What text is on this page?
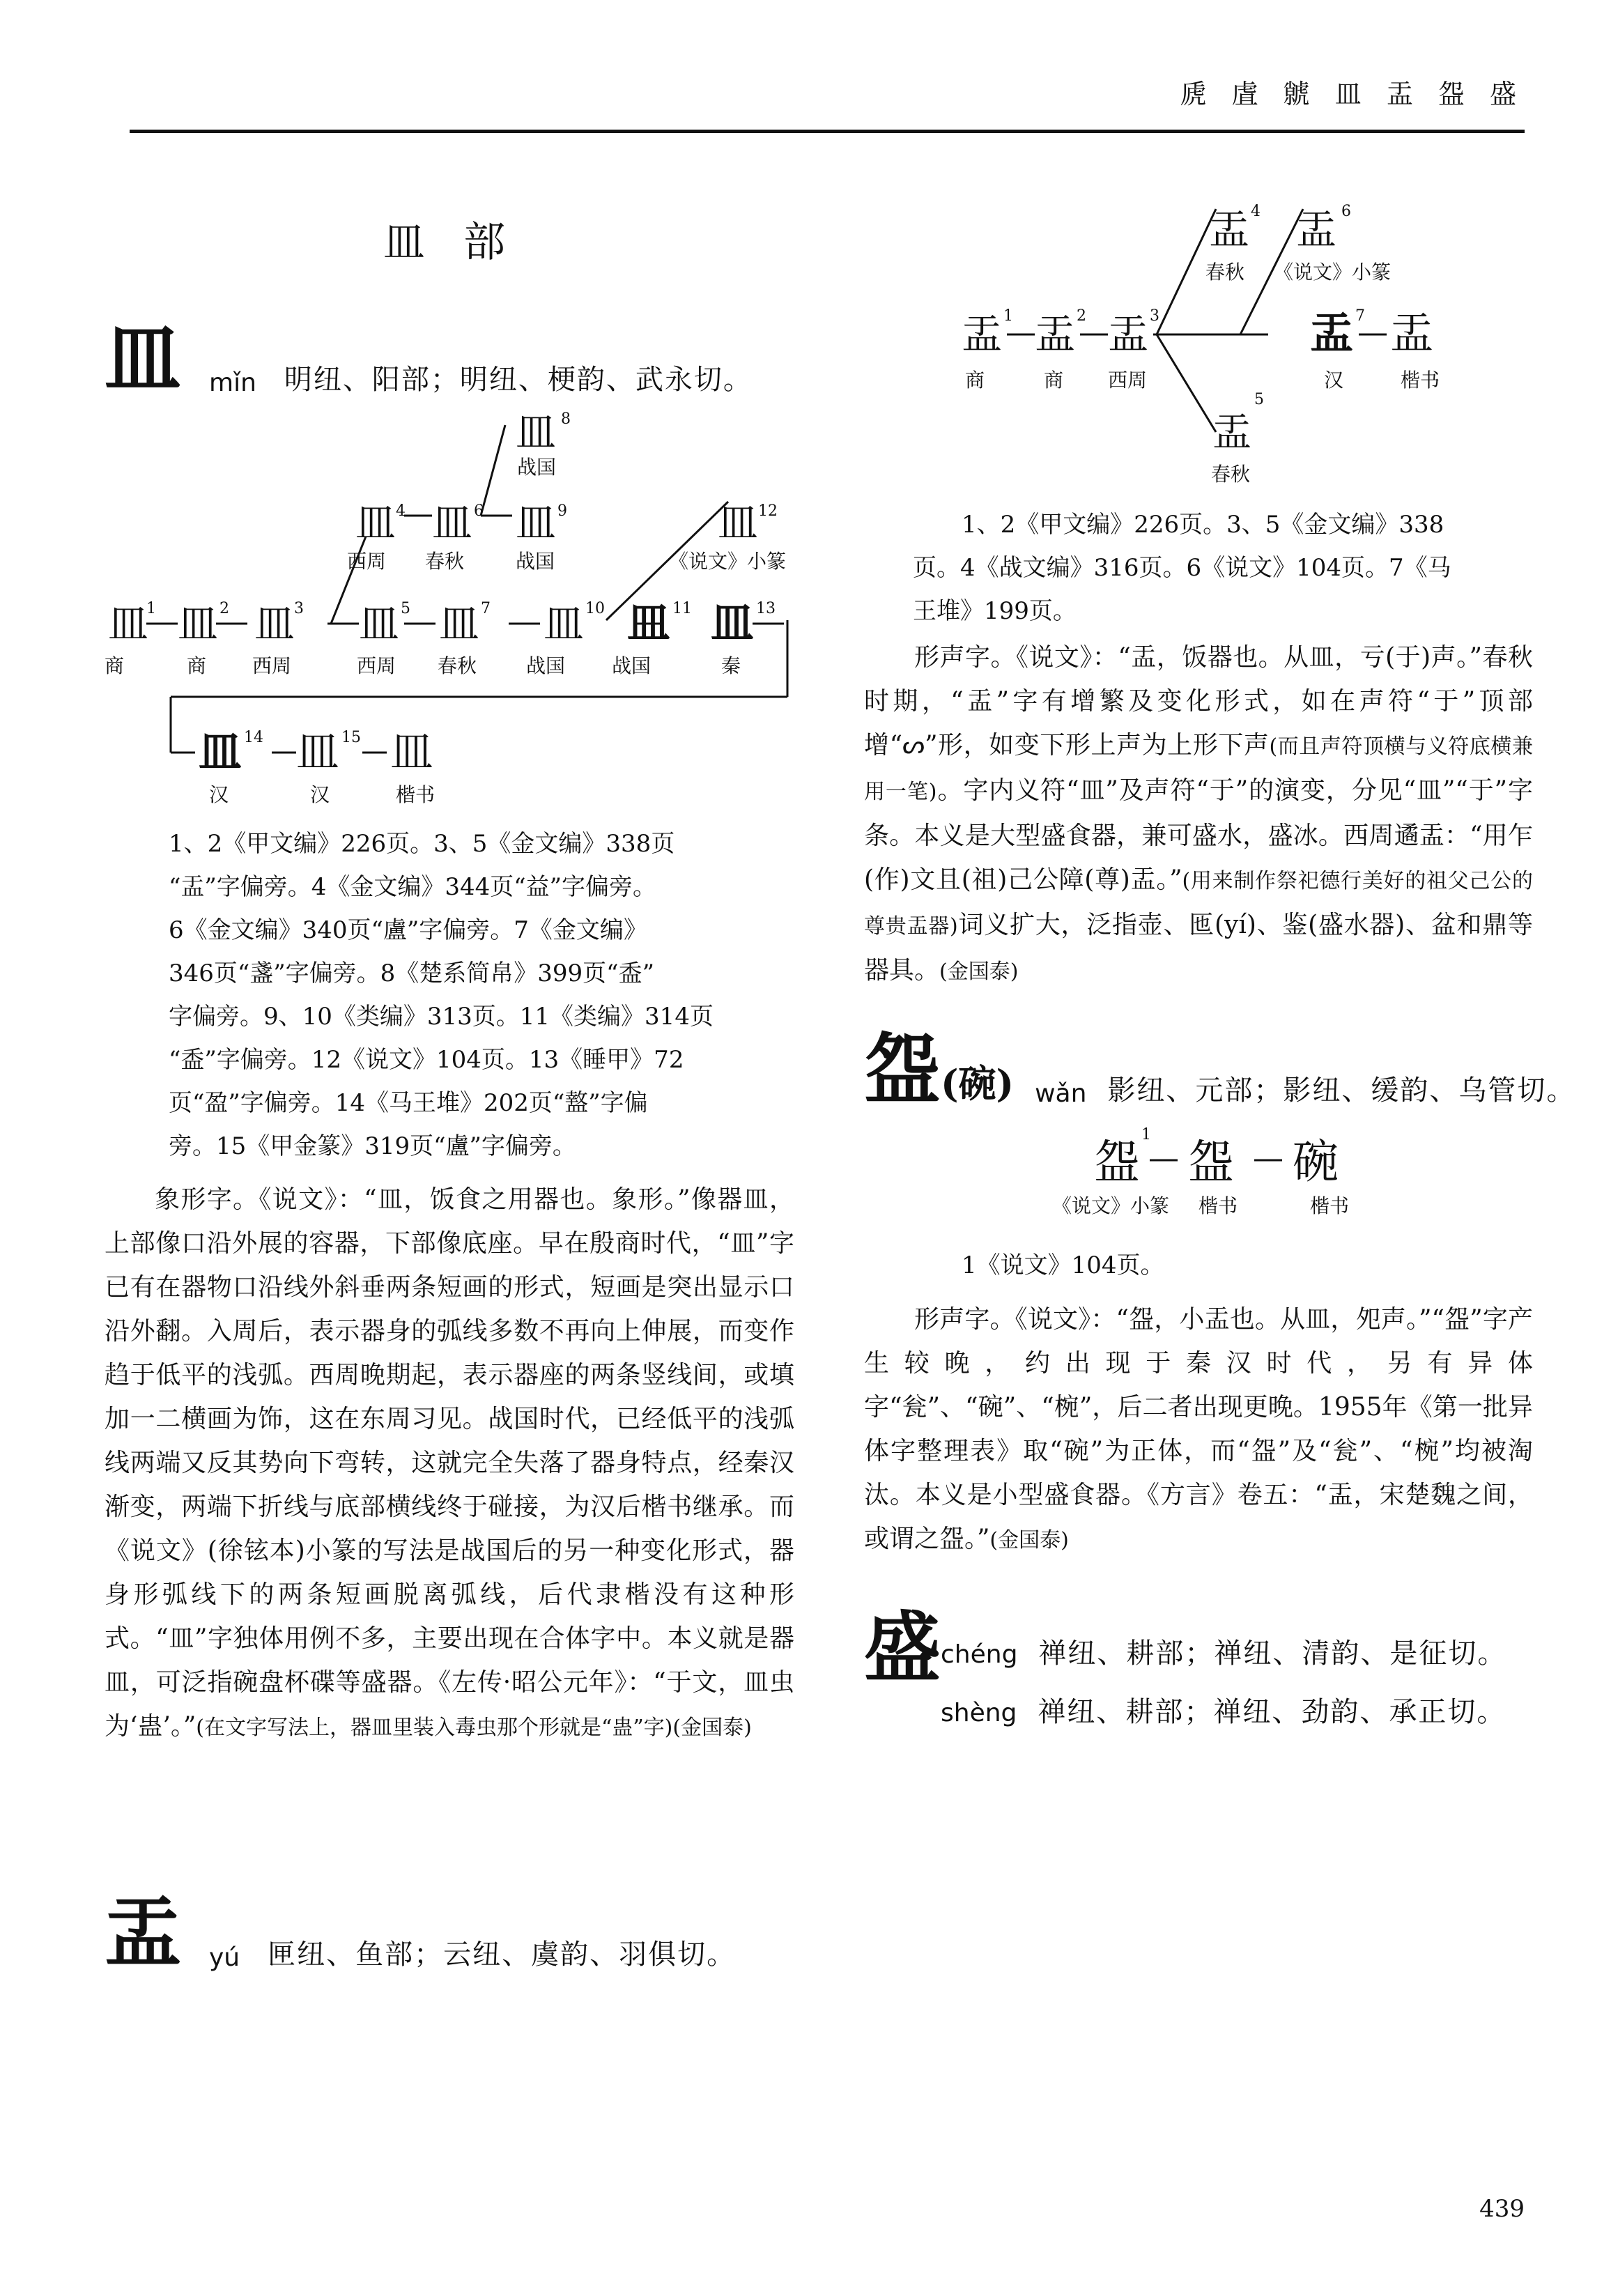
虒 虘 虩 皿 盂 盌 盛
皿 部
皿 mǐn 明纽、阳部；明纽、梗韵、武永切。
皿 8
战国
皿 4
西周
皿 6
春秋
皿 9
战国
皿 12
《说文》小篆
皿
1
商
皿 2
商
皿
3
西周
皿 5
西周
皿 7
春秋
皿 10
战国
皿 11
战国
皿 13
秦
皿 14
汉
皿 15
汉
皿
楷书
1、2《甲文编》226页。3、5《金文编》338页
“盂”字偏旁。4《金文编》344页“益”字偏旁。
6《金文编》340页“盧”字偏旁。7《金文编》
346页“盞”字偏旁。8《楚系简帛》399页“盉”
字偏旁。9、10《类编》313页。11《类编》314页
“盉”字偏旁。12《说文》104页。13《睡甲》72
页“盈”字偏旁。14《马王堆》202页“盩”字偏
旁。15《甲金篆》319页“盧”字偏旁。

象形字。《说文》：“皿，饭食之用器也。象形。”像器皿，上部像口沿外展的容器，下部像底座。早在殷商时代，“皿”字已有在器物口沿线外斜垂两条短画的形式，短画是突出显示口沿外翻。入周后，表示器身的弧线多数不再向上伸展，而变作趋于低平的浅弧。西周晚期起，表示器座的两条竖线间，或填加一二横画为饰，这在东周习见。战国时代，已经低平的浅弧线两端又反其势向下弯转，这就完全失落了器身特点，经秦汉渐变，两端下折线与底部横线终于碰接，为汉后楷书继承。而《说文》(徐铉本)小篆的写法是战国后的另一种变化形式，器身形弧线下的两条短画脱离弧线，后代隶楷没有这种形式。“皿”字独体用例不多，主要出现在合体字中。本义就是器皿，可泛指碗盘杯碟等盛器。《左传·昭公元年》：“于文，皿虫为‘蛊’。”(在文字写法上，器皿里装入毒虫那个形就是“蛊”字)(金国泰)

盂 yú 匣纽、鱼部；云纽、虞韵、羽俱切。
盂 4
春秋
盂 6
《说文》小篆
盂 1
商
盂 2
商
盂 3
西周
盂 7
汉
盂
楷书
盂
5
春秋
1、2《甲文编》226页。3、5《金文编》338
页。4《战文编》316页。6《说文》104页。7《马
王堆》199页。

形声字。《说文》：“盂，饭器也。从皿，亏(于)声。”春秋时期，“盂”字有增繁及变化形式，如在声符“于”顶部增“ᔕ”形，如变下形上声为上形下声(而且声符顶横与义符底横兼用一笔)。字内义符“皿”及声符“于”的演变，分见“皿”“于”字条。本义是大型盛食器，兼可盛水，盛冰。西周遹盂：“用乍(作)文且(祖)己公障(尊)盂。”(用来制作祭祀德行美好的祖父己公的尊贵盂器)词义扩大，泛指壶、匜(yí)、鉴(盛水器)、盆和鼎等器具。(金国泰)

盌 (碗) wǎn 影纽、元部；影纽、缓韵、乌管切。
盌
1
《说文》小篆
盌
楷书
碗
楷书
1《说文》104页。

形声字。《说文》：“盌，小盂也。从皿，夗声。”“盌”字产生较晚，约出现于秦汉时代，另有异体字“瓮”、“碗”、“椀”，后二者出现更晚。1955年《第一批异体字整理表》取“碗”为正体，而“盌”及“瓮”、“椀”均被淘汰。本义是小型盛食器。《方言》卷五：“盂，宋楚魏之间，或谓之盌。”(金国泰)

盛 chéng 禅纽、耕部；禅纽、清韵、是征切。
shèng 禅纽、耕部；禅纽、劲韵、承正切。
439
